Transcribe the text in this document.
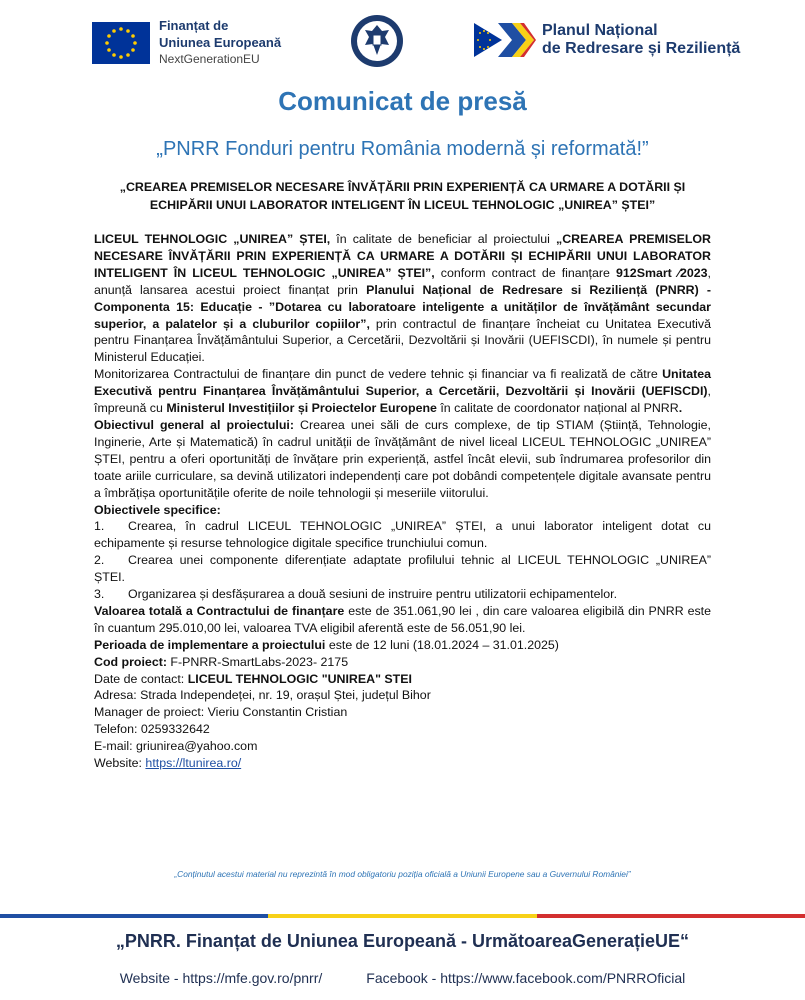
Finanțat de
Uniunea Europeană
NextGenerationEU
Planul Național
de Redresare și Reziliență
Comunicat de presă
„PNRR Fonduri pentru România modernă și reformată!”
„CREAREA PREMISELOR NECESARE ÎNVĂȚĂRII PRIN EXPERIENȚĂ CA URMARE A DOTĂRII ȘI ECHIPĂRII UNUI LABORATOR INTELIGENT ÎN LICEUL TEHNOLOGIC „UNIREA” ȘTEI”

LICEUL TEHNOLOGIC „UNIREA” ȘTEI, în calitate de beneficiar al proiectului „CREAREA PREMISELOR NECESARE ÎNVĂȚĂRII PRIN EXPERIENȚĂ CA URMARE A DOTĂRII ȘI ECHIPĂRII UNUI LABORATOR INTELIGENT ÎN LICEUL TEHNOLOGIC „UNIREA” ȘTEI”, conform contract de finanțare 912Smart ⁄2023, anunță lansarea acestui proiect finanțat prin Planului Național de Redresare si Reziliență (PNRR) - Componenta 15: Educație - ”Dotarea cu laboratoare inteligente a unităților de învățământ secundar superior, a palatelor și a cluburilor copiilor”, prin contractul de finanțare încheiat cu Unitatea Executivă pentru Finanțarea Învățământului Superior, a Cercetării, Dezvoltării și Inovării (UEFISCDI), în numele și pentru Ministerul Educației.

Monitorizarea Contractului de finanțare din punct de vedere tehnic și financiar va fi realizată de către Unitatea Executivă pentru Finanțarea Învățământului Superior, a Cercetării, Dezvoltării și Inovării (UEFISCDI), împreună cu Ministerul Investițiilor și Proiectelor Europene în calitate de coordonator național al PNRR.

Obiectivul general al proiectului: Crearea unei săli de curs complexe, de tip STIAM (Știință, Tehnologie, Inginerie, Arte și Matematică) în cadrul unității de învățământ de nivel liceal LICEUL TEHNOLOGIC „UNIREA” ȘTEI, pentru a oferi oportunități de învățare prin experiență, astfel încât elevii, sub îndrumarea profesorilor din toate ariile curriculare, sa devină utilizatori independenți care pot dobândi competențele digitale avansate pentru a îmbrățișa oportunitățile oferite de noile tehnologii și meseriile viitorului.

Obiectivele specifice:

1. Crearea, în cadrul LICEUL TEHNOLOGIC „UNIREA” ȘTEI, a unui laborator inteligent dotat cu echipamente și resurse tehnologice digitale specifice trunchiului comun.

2. Crearea unei componente diferențiate adaptate profilului tehnic al LICEUL TEHNOLOGIC „UNIREA” ȘTEI.

3. Organizarea și desfășurarea a două sesiuni de instruire pentru utilizatorii echipamentelor.

Valoarea totală a Contractului de finanțare este de 351.061,90 lei , din care valoarea eligibilă din PNRR este în cuantum 295.010,00 lei, valoarea TVA eligibil aferentă este de 56.051,90 lei.

Perioada de implementare a proiectului este de 12 luni (18.01.2024 – 31.01.2025)

Cod proiect: F-PNRR-SmartLabs-2023- 2175

Date de contact: LICEUL TEHNOLOGIC "UNIREA" STEI

Adresa: Strada Independeței, nr. 19, orașul Ștei, județul Bihor

Manager de proiect: Vieriu Constantin Cristian

Telefon: 0259332642

E-mail: griunirea@yahoo.com

Website: https://ltunirea.ro/

„Conținutul acestui material nu reprezintă în mod obligatoriu poziția oficială a Uniunii Europene sau a Guvernului României”
„PNRR. Finanțat de Uniunea Europeană - UrmătoareaGenerațieUE“
Website - https://mfe.gov.ro/pnrr/	Facebook - https://www.facebook.com/PNRROficial
